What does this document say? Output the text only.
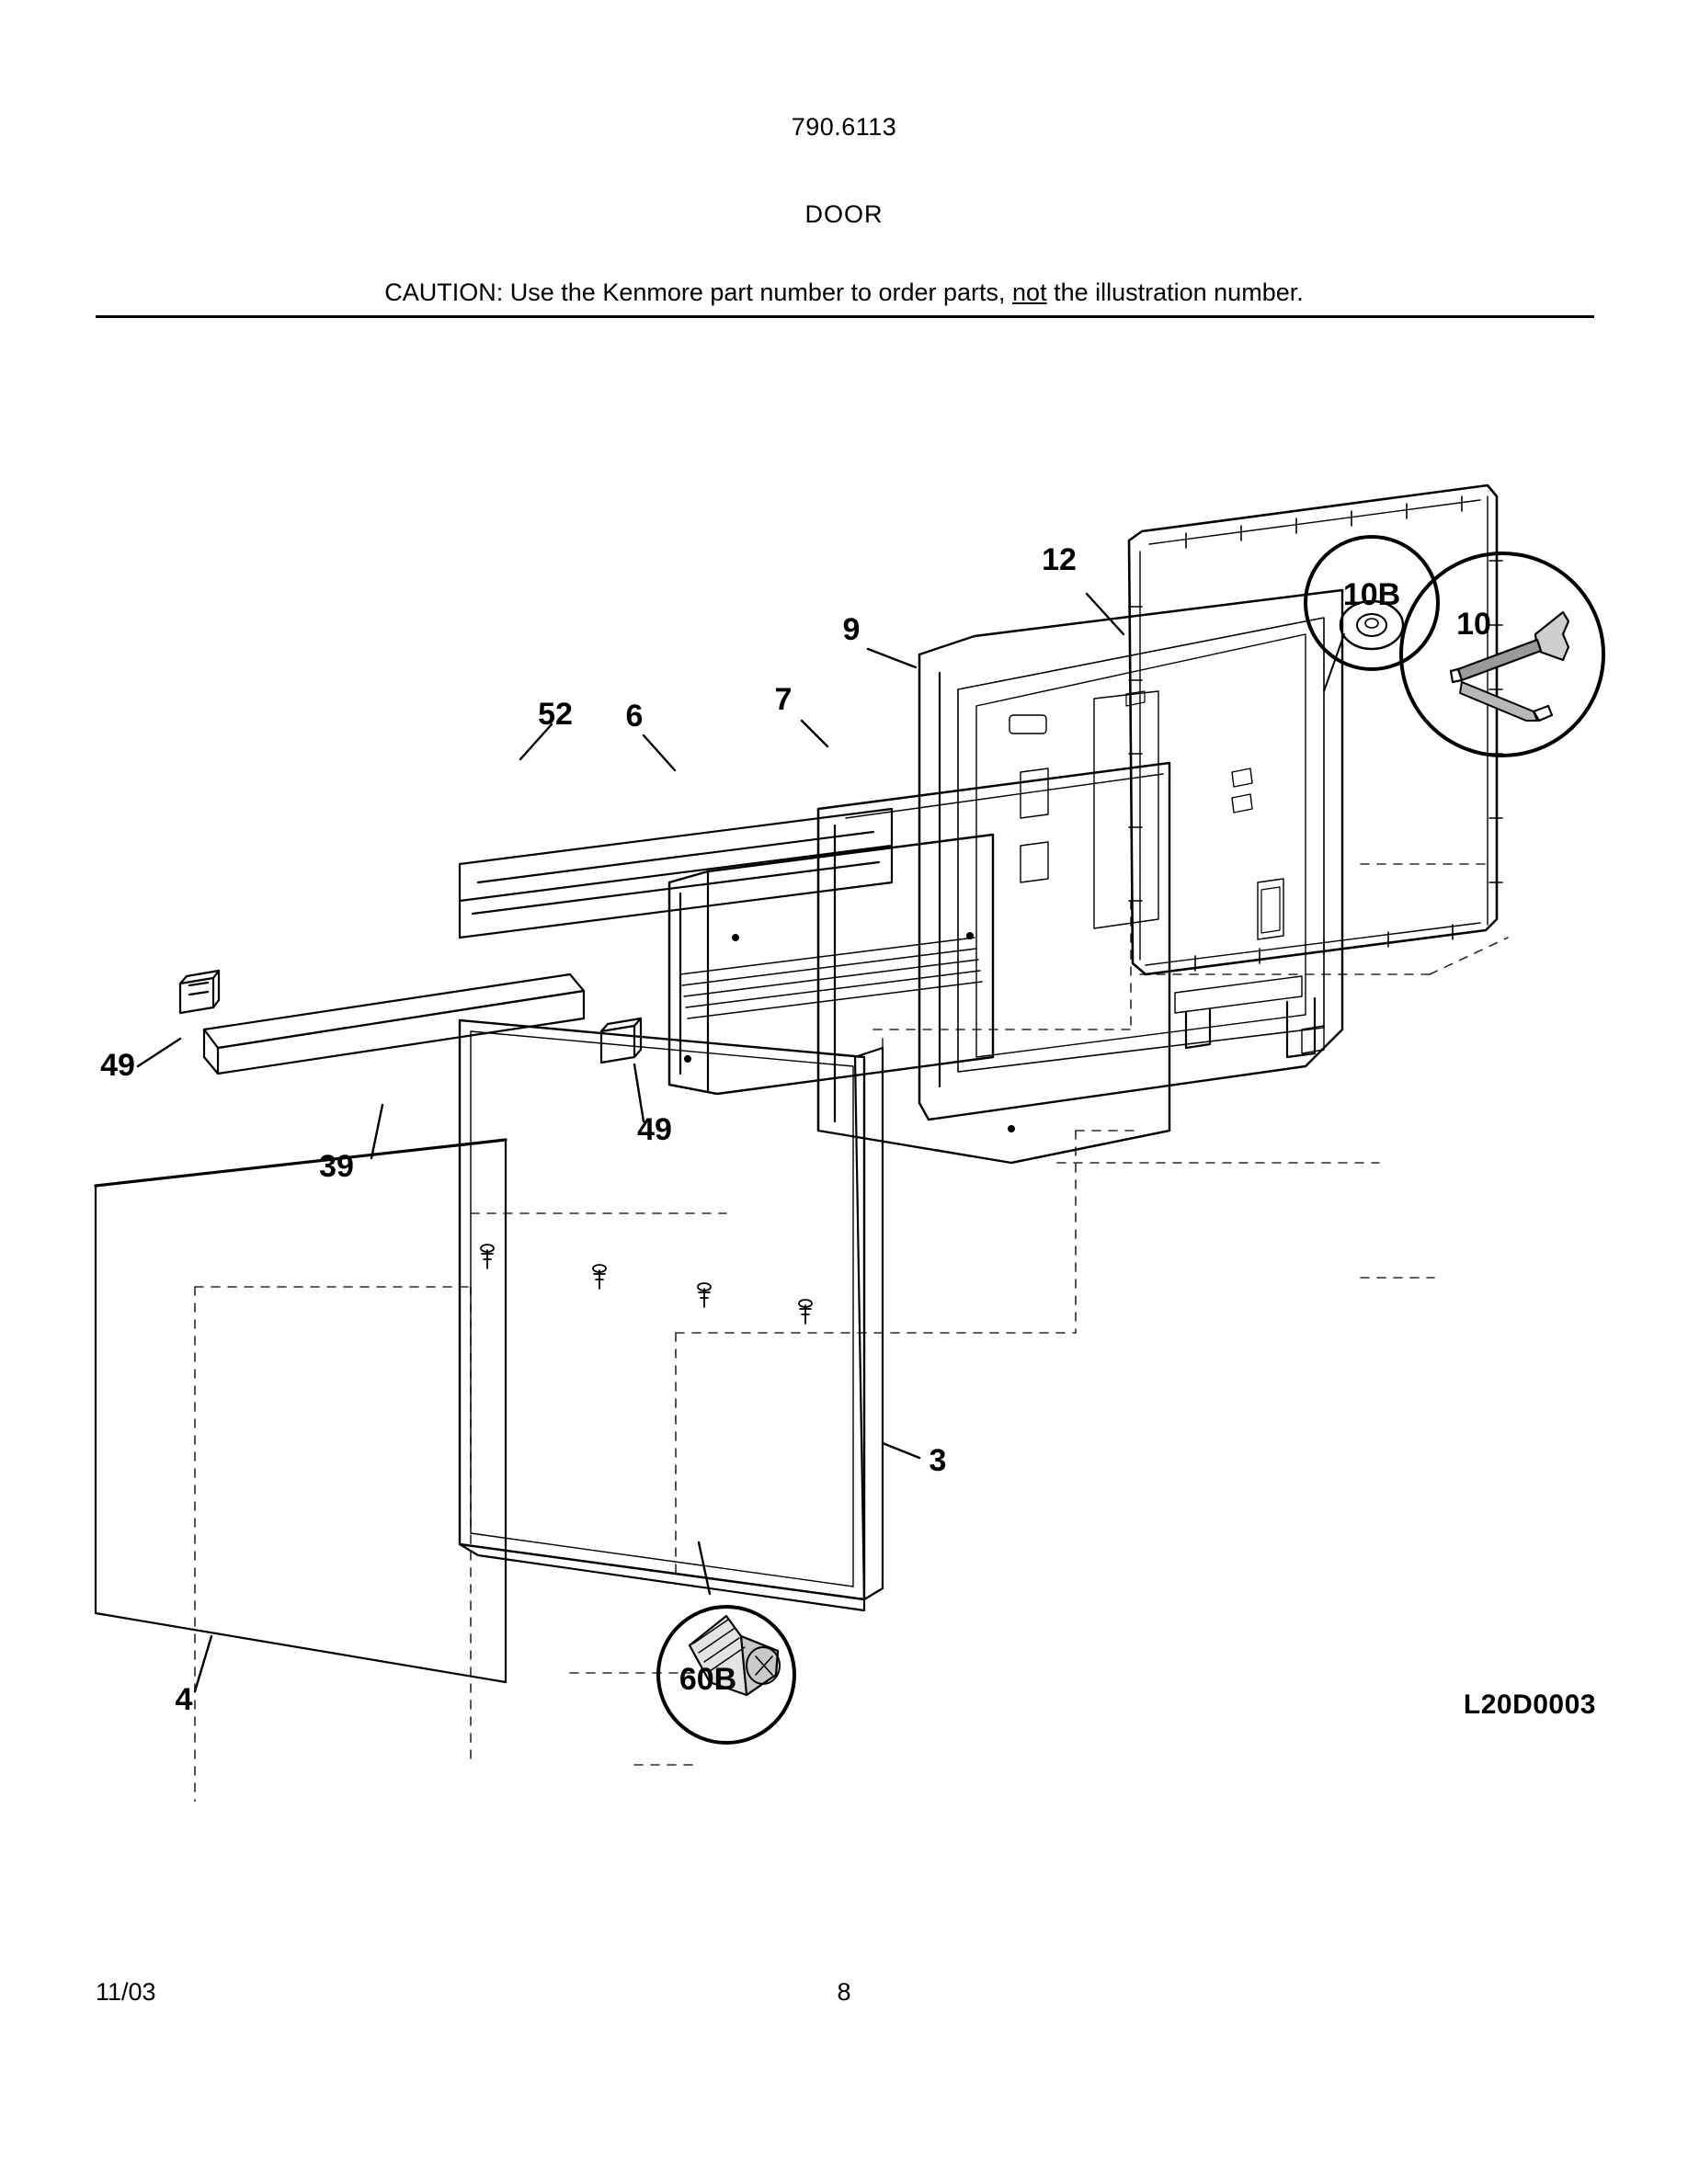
790.6113
DOOR
CAUTION: Use the Kenmore part number to order parts, not the illustration number.
12
10B
10
9
7
6
52
49
49
39
3
4
60B
L20D0003
11/03	8
